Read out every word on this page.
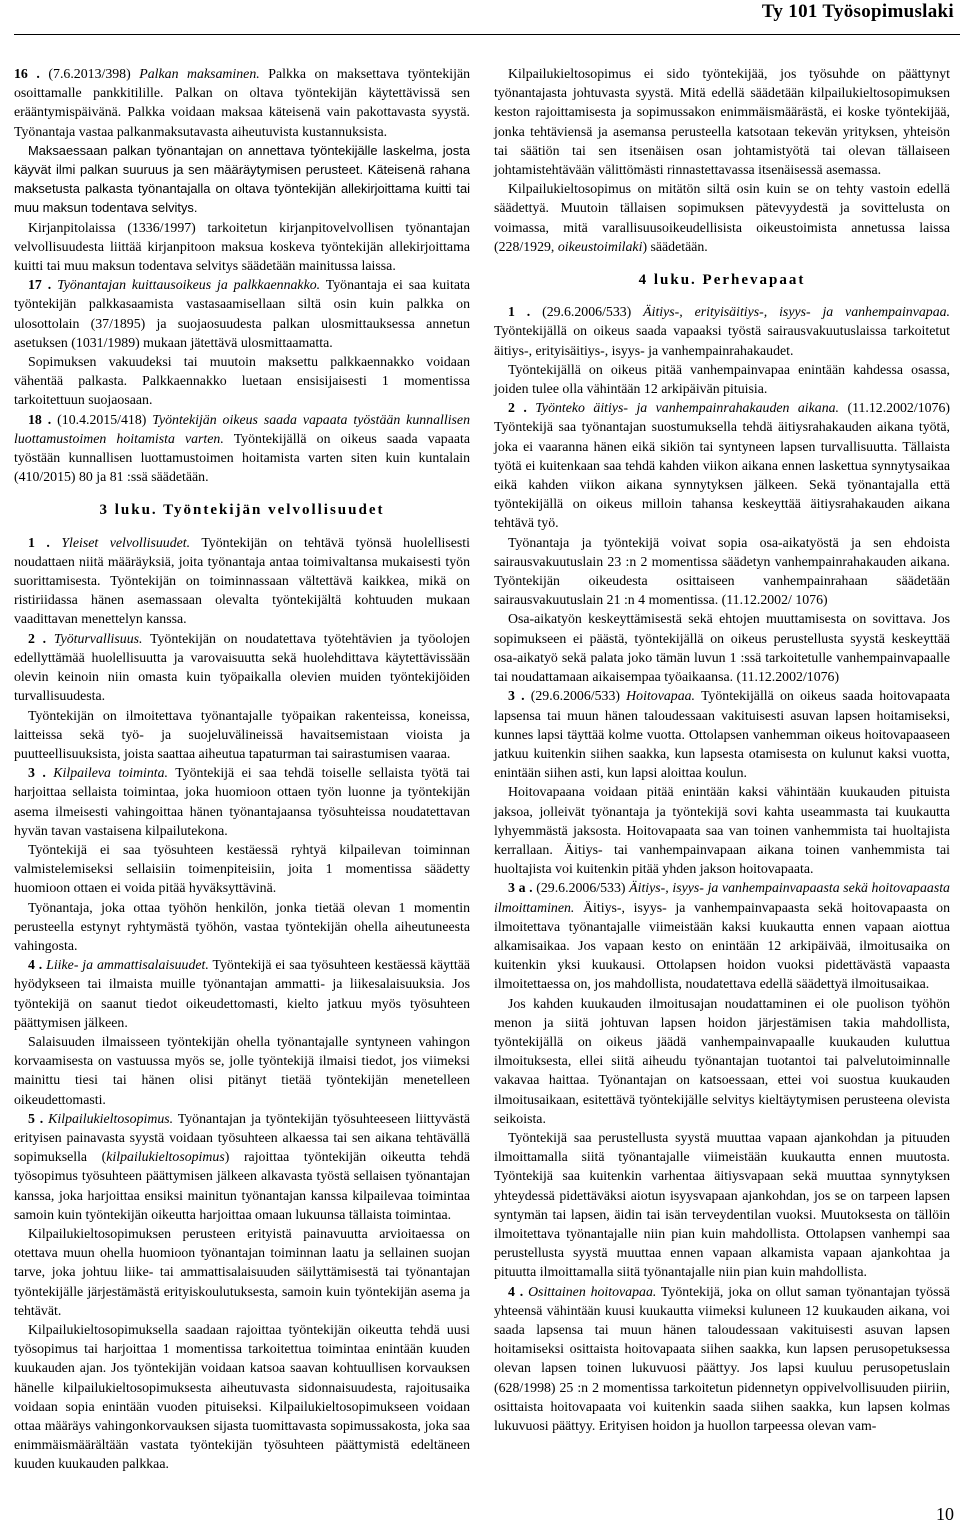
Ty 101 Työsopimuslaki

16 . (7.6.2013/398) Palkan maksaminen. Palkka on maksettava työntekijän osoittamalle pankkitilille. Palkan on oltava työntekijän käytettävissä sen erääntymispäivänä. Palkka voidaan maksaa käteisenä vain pakottavasta syystä. Työnantaja vastaa palkanmaksutavasta aiheutuvista kustannuksista.

Maksaessaan palkan työnantajan on annettava työntekijälle laskelma, josta käyvät ilmi palkan suuruus ja sen määräytymisen perusteet. Käteisenä rahana maksetusta palkasta työnantajalla on oltava työntekijän allekirjoittama kuitti tai muu maksun todentava selvitys.

Kirjanpitolaissa (1336/1997) tarkoitetun kirjanpitovelvollisen työnantajan velvollisuudesta liittää kirjanpitoon maksua koskeva työntekijän allekirjoittama kuitti tai muu maksun todentava selvitys säädetään mainitussa laissa.

17 . Työnantajan kuittausoikeus ja palkkaennakko. Työnantaja ei saa kuitata työntekijän palkkasaamista vastasaamisellaan siltä osin kuin palkka on ulosottolain (37/1895) ja suojaosuudesta palkan ulosmittauksessa annetun asetuksen (1031/1989) mukaan jätettävä ulosmittaamatta.

Sopimuksen vakuudeksi tai muutoin maksettu palkkaennakko voidaan vähentää palkasta. Palkkaennakko luetaan ensisijaisesti 1 momentissa tarkoitettuun suojaosaan.

18 . (10.4.2015/418) Työntekijän oikeus saada vapaata työstään kunnallisen luottamustoimen hoitamista varten. Työntekijällä on oikeus saada vapaata työstään kunnallisen luottamustoimen hoitamista varten siten kuin kuntalain (410/2015) 80 ja 81 :ssä säädetään.

3 luku. Työntekijän velvollisuudet

1 . Yleiset velvollisuudet. Työntekijän on tehtävä työnsä huolellisesti noudattaen niitä määräyksiä, joita työnantaja antaa toimivaltansa mukaisesti työn suorittamisesta. Työntekijän on toiminnassaan vältettävä kaikkea, mikä on ristiriidassa hänen asemassaan olevalta työntekijältä kohtuuden mukaan vaadittavan menettelyn kanssa.

2 . Työturvallisuus. Työntekijän on noudatettava työtehtävien ja työolojen edellyttämää huolellisuutta ja varovaisuutta sekä huolehdittava käytettävissään olevin keinoin niin omasta kuin työpaikalla olevien muiden työntekijöiden turvallisuudesta.

Työntekijän on ilmoitettava työnantajalle työpaikan rakenteissa, koneissa, laitteissa sekä työ- ja suojeluvälineissä havaitsemistaan vioista ja puutteellisuuksista, joista saattaa aiheutua tapaturman tai sairastumisen vaaraa.

3 . Kilpaileva toiminta. Työntekijä ei saa tehdä toiselle sellaista työtä tai harjoittaa sellaista toimintaa, joka huomioon ottaen työn luonne ja työntekijän asema ilmeisesti vahingoittaa hänen työnantajaansa työsuhteissa noudatettavan hyvän tavan vastaisena kilpailutekona.

Työntekijä ei saa työsuhteen kestäessä ryhtyä kilpailevan toiminnan valmistelemiseksi sellaisiin toimenpiteisiin, joita 1 momentissa säädetty huomioon ottaen ei voida pitää hyväksyttävinä.

Työnantaja, joka ottaa työhön henkilön, jonka tietää olevan 1 momentin perusteella estynyt ryhtymästä työhön, vastaa työntekijän ohella aiheutuneesta vahingosta.

4 . Liike- ja ammattisalaisuudet. Työntekijä ei saa työsuhteen kestäessä käyttää hyödykseen tai ilmaista muille työnantajan ammatti- ja liikesalaisuuksia. Jos työntekijä on saanut tiedot oikeudettomasti, kielto jatkuu myös työsuhteen päättymisen jälkeen.

Salaisuuden ilmaisseen työntekijän ohella työnantajalle syntyneen vahingon korvaamisesta on vastuussa myös se, jolle työntekijä ilmaisi tiedot, jos viimeksi mainittu tiesi tai hänen olisi pitänyt tietää työntekijän menetelleen oikeudettomasti.

5 . Kilpailukieltosopimus. Työnantajan ja työntekijän työsuhteeseen liittyvästä erityisen painavasta syystä voidaan työsuhteen alkaessa tai sen aikana tehtävällä sopimuksella (kilpailukieltosopimus) rajoittaa työntekijän oikeutta tehdä työsopimus työsuhteen päättymisen jälkeen alkavasta työstä sellaisen työnantajan kanssa, joka harjoittaa ensiksi mainitun työnantajan kanssa kilpailevaa toimintaa samoin kuin työntekijän oikeutta harjoittaa omaan lukuunsa tällaista toimintaa.

Kilpailukieltosopimuksen perusteen erityistä painavuutta arvioitaessa on otettava muun ohella huomioon työnantajan toiminnan laatu ja sellainen suojan tarve, joka johtuu liike- tai ammattisalaisuuden säilyttämisestä tai työnantajan työntekijälle järjestämästä erityiskoulutuksesta, samoin kuin työntekijän asema ja tehtävät.

Kilpailukieltosopimuksella saadaan rajoittaa työntekijän oikeutta tehdä uusi työsopimus tai harjoittaa 1 momentissa tarkoitettua toimintaa enintään kuuden kuukauden ajan. Jos työntekijän voidaan katsoa saavan kohtuullisen korvauksen hänelle kilpailukieltosopimuksesta aiheutuvasta sidonnaisuudesta, rajoitusaika voidaan sopia enintään vuoden pituiseksi. Kilpailukieltosopimukseen voidaan ottaa määräys vahingonkorvauksen sijasta tuomittavasta sopimussakosta, joka saa enimmäismäärältään vastata työntekijän työsuhteen päättymistä edeltäneen kuuden kuukauden palkkaa.

Kilpailukieltosopimus ei sido työntekijää, jos työsuhde on päättynyt työnantajasta johtuvasta syystä. Mitä edellä säädetään kilpailukieltosopimuksen keston rajoittamisesta ja sopimussakon enimmäismäärästä, ei koske työntekijää, jonka tehtäviensä ja asemansa perusteella katsotaan tekevän yrityksen, yhteisön tai säätiön tai sen itsenäisen osan johtamistyötä tai olevan tällaiseen johtamistehtävään välittömästi rinnastettavassa itsenäisessä asemassa.

Kilpailukieltosopimus on mitätön siltä osin kuin se on tehty vastoin edellä säädettyä. Muutoin tällaisen sopimuksen pätevyydestä ja sovittelusta on voimassa, mitä varallisuusoikeudellisista oikeustoimista annetussa laissa (228/1929, oikeustoimilaki) säädetään.

4 luku. Perhevapaat

1 . (29.6.2006/533) Äitiys-, erityisäitiys-, isyys- ja vanhempainvapaa. Työntekijällä on oikeus saada vapaaksi työstä sairausvakuutuslaissa tarkoitetut äitiys-, erityisäitiys-, isyys- ja vanhempainrahakaudet.

Työntekijällä on oikeus pitää vanhempainvapaa enintään kahdessa osassa, joiden tulee olla vähintään 12 arkipäivän pituisia.

2 . Työnteko äitiys- ja vanhempainrahakauden aikana. (11.12.2002/1076) Työntekijä saa työnantajan suostumuksella tehdä äitiysrahakauden aikana työtä, joka ei vaaranna hänen eikä sikiön tai syntyneen lapsen turvallisuutta. Tällaista työtä ei kuitenkaan saa tehdä kahden viikon aikana ennen laskettua synnytysaikaa eikä kahden viikon aikana synnytyksen jälkeen. Sekä työnantajalla että työntekijällä on oikeus milloin tahansa keskeyttää äitiysrahakauden aikana tehtävä työ.

Työnantaja ja työntekijä voivat sopia osa-aikatyöstä ja sen ehdoista sairausvakuutuslain 23 :n 2 momentissa säädetyn vanhempainrahakauden aikana. Työntekijän oikeudesta osittaiseen vanhempainrahaan säädetään sairausvakuutuslain 21 :n 4 momentissa. (11.12.2002/ 1076)

Osa-aikatyön keskeyttämisestä sekä ehtojen muuttamisesta on sovittava. Jos sopimukseen ei päästä, työntekijällä on oikeus perustellusta syystä keskeyttää osa-aikatyö sekä palata joko tämän luvun 1 :ssä tarkoitetulle vanhempainvapaalle tai noudattamaan aikaisempaa työaikaansa. (11.12.2002/1076)

3 . (29.6.2006/533) Hoitovapaa. Työntekijällä on oikeus saada hoitovapaata lapsensa tai muun hänen taloudessaan vakituisesti asuvan lapsen hoitamiseksi, kunnes lapsi täyttää kolme vuotta. Ottolapsen vanhemman oikeus hoitovapaaseen jatkuu kuitenkin siihen saakka, kun lapsesta otamisesta on kulunut kaksi vuotta, enintään siihen asti, kun lapsi aloittaa koulun.

Hoitovapaana voidaan pitää enintään kaksi vähintään kuukauden pituista jaksoa, jolleivät työnantaja ja työntekijä sovi kahta useammasta tai kuukautta lyhyemmästä jaksosta. Hoitovapaata saa van toinen vanhemmista tai huoltajista kerrallaan. Äitiys- tai vanhempainvapaan aikana toinen vanhemmista tai huoltajista voi kuitenkin pitää yhden jakson hoitovapaata.

3 a . (29.6.2006/533) Äitiys-, isyys- ja vanhempainvapaasta sekä hoitovapaasta ilmoittaminen. Äitiys-, isyys- ja vanhempainvapaasta sekä hoitovapaasta on ilmoitettava työnantajalle viimeistään kaksi kuukautta ennen vapaan aiottua alkamisaikaa. Jos vapaan kesto on enintään 12 arkipäivää, ilmoitusaika on kuitenkin yksi kuukausi. Ottolapsen hoidon vuoksi pidettävästä vapaasta ilmoitettaessa on, jos mahdollista, noudatettava edellä säädettyä ilmoitusaikaa.

Jos kahden kuukauden ilmoitusajan noudattaminen ei ole puolison työhön menon ja siitä johtuvan lapsen hoidon järjestämisen takia mahdollista, työntekijällä on oikeus jäädä vanhempainvapaalle kuukauden kuluttua ilmoituksesta, ellei siitä aiheudu työnantajan tuotantoi tai palvelutoiminnalle vakavaa haittaa. Työnantajan on katsoessaan, ettei voi suostua kuukauden ilmoitusaikaan, esitettävä työntekijälle selvitys kieltäytymisen perusteena olevista seikoista.

Työntekijä saa perustellusta syystä muuttaa vapaan ajankohdan ja pituuden ilmoittamalla siitä työnantajalle viimeistään kuukautta ennen muutosta. Työntekijä saa kuitenkin varhentaa äitiysvapaan sekä muuttaa synnytyksen yhteydessä pidettäväksi aiotun isyysvapaan ajankohdan, jos se on tarpeen lapsen syntymän tai lapsen, äidin tai isän terveydentilan vuoksi. Muutoksesta on tällöin ilmoitettava työnantajalle niin pian kuin mahdollista. Ottolapsen vanhempi saa perustellusta syystä muuttaa ennen vapaan alkamista vapaan ajankohtaa ja pituutta ilmoittamalla siitä työnantajalle niin pian kuin mahdollista.

4 . Osittainen hoitovapaa. Työntekijä, joka on ollut saman työnantajan työssä yhteensä vähintään kuusi kuukautta viimeksi kuluneen 12 kuukauden aikana, voi saada lapsensa tai muun hänen taloudessaan vakituisesti asuvan lapsen hoitamiseksi osittaista hoitovapaata siihen saakka, kun lapsen perusopetuksessa olevan lapsen toinen lukuvuosi päättyy. Jos lapsi kuuluu perusopetuslain (628/1998) 25 :n 2 momentissa tarkoitetun pidennetyn oppivelvollisuuden piiriin, osittaista hoitovapaata voi kuitenkin saada siihen saakka, kun lapsen kolmas lukuvuosi päättyy. Erityisen hoidon ja huollon tarpeessa olevan vam-

10
